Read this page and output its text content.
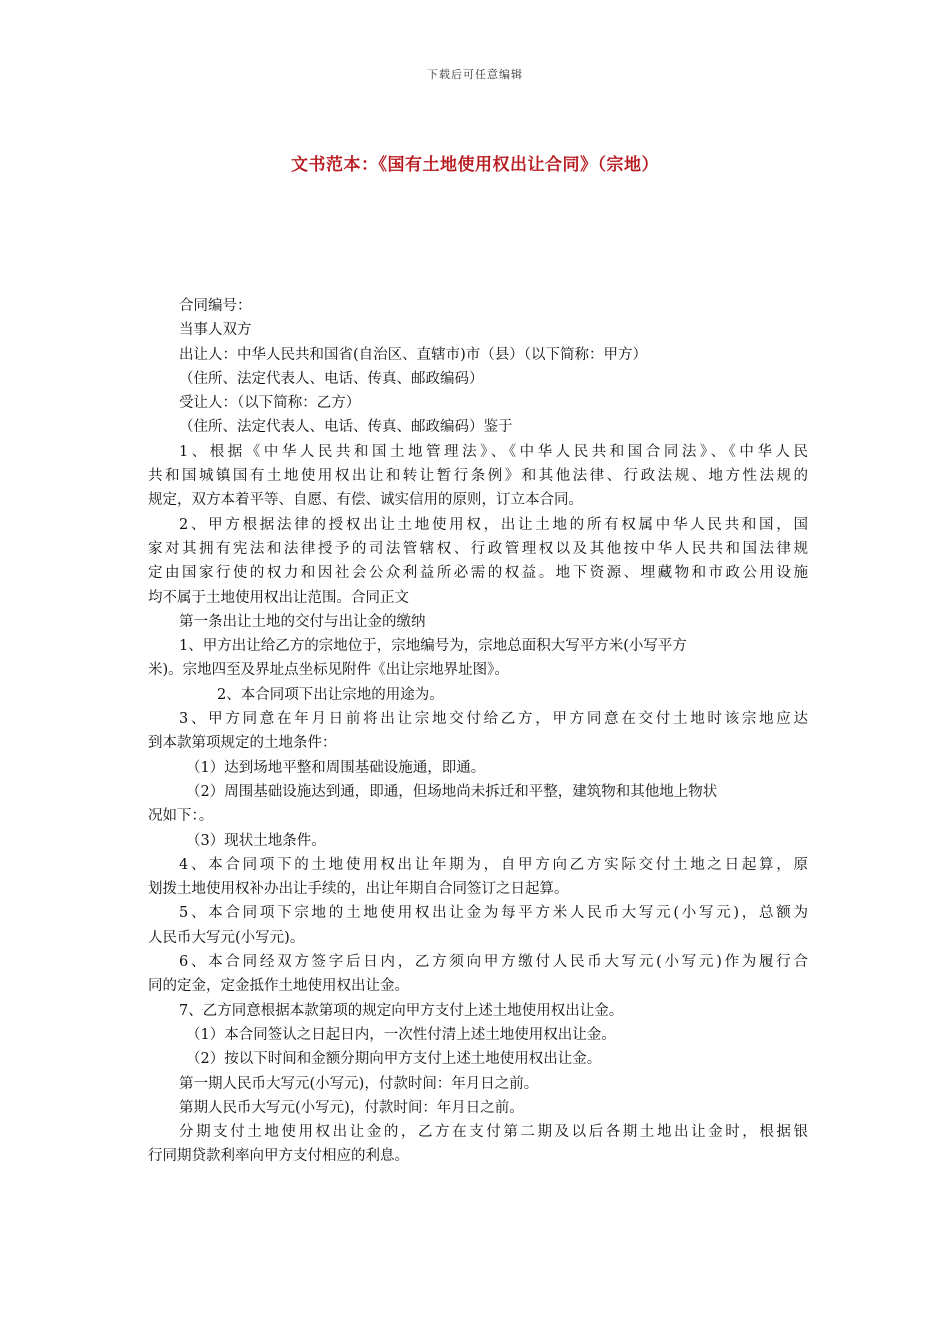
下载后可任意编辑
文书范本：《国有土地使用权出让合同》（宗地）
合同编号：
当事人双方
出让人：中华人民共和国省(自治区、直辖市)市（县）（以下简称：甲方）
（住所、法定代表人、电话、传真、邮政编码）
受让人：（以下简称：乙方）
（住所、法定代表人、电话、传真、邮政编码）鉴于
1、根据《中华人民共和国土地管理法》、《中华人民共和国合同法》、《中华人民
共和国城镇国有土地使用权出让和转让暂行条例》和其他法律、行政法规、地方性法规的
规定，双方本着平等、自愿、有偿、诚实信用的原则，订立本合同。
2、甲方根据法律的授权出让土地使用权，出让土地的所有权属中华人民共和国，国
家对其拥有宪法和法律授予的司法管辖权、行政管理权以及其他按中华人民共和国法律规
定由国家行使的权力和因社会公众利益所必需的权益。地下资源、埋藏物和市政公用设施
均不属于土地使用权出让范围。合同正文
第一条出让土地的交付与出让金的缴纳
1、甲方出让给乙方的宗地位于，宗地编号为，宗地总面积大写平方米(小写平方
米)。宗地四至及界址点坐标见附件《出让宗地界址图》。
2、本合同项下出让宗地的用途为。
3、甲方同意在年月日前将出让宗地交付给乙方，甲方同意在交付土地时该宗地应达
到本款第项规定的土地条件：
（1）达到场地平整和周围基础设施通，即通。
（2）周围基础设施达到通，即通，但场地尚未拆迁和平整，建筑物和其他地上物状
况如下：。
（3）现状土地条件。
4、本合同项下的土地使用权出让年期为，自甲方向乙方实际交付土地之日起算，原
划拨土地使用权补办出让手续的，出让年期自合同签订之日起算。
5、本合同项下宗地的土地使用权出让金为每平方米人民币大写元(小写元)，总额为
人民币大写元(小写元)。
6、本合同经双方签字后日内，乙方须向甲方缴付人民币大写元(小写元)作为履行合
同的定金，定金抵作土地使用权出让金。
7、乙方同意根据本款第项的规定向甲方支付上述土地使用权出让金。
（1）本合同签认之日起日内，一次性付清上述土地使用权出让金。
（2）按以下时间和金额分期向甲方支付上述土地使用权出让金。
第一期人民币大写元(小写元)，付款时间：年月日之前。
第期人民币大写元(小写元)，付款时间：年月日之前。
分期支付土地使用权出让金的，乙方在支付第二期及以后各期土地出让金时，根据银
行同期贷款利率向甲方支付相应的利息。
